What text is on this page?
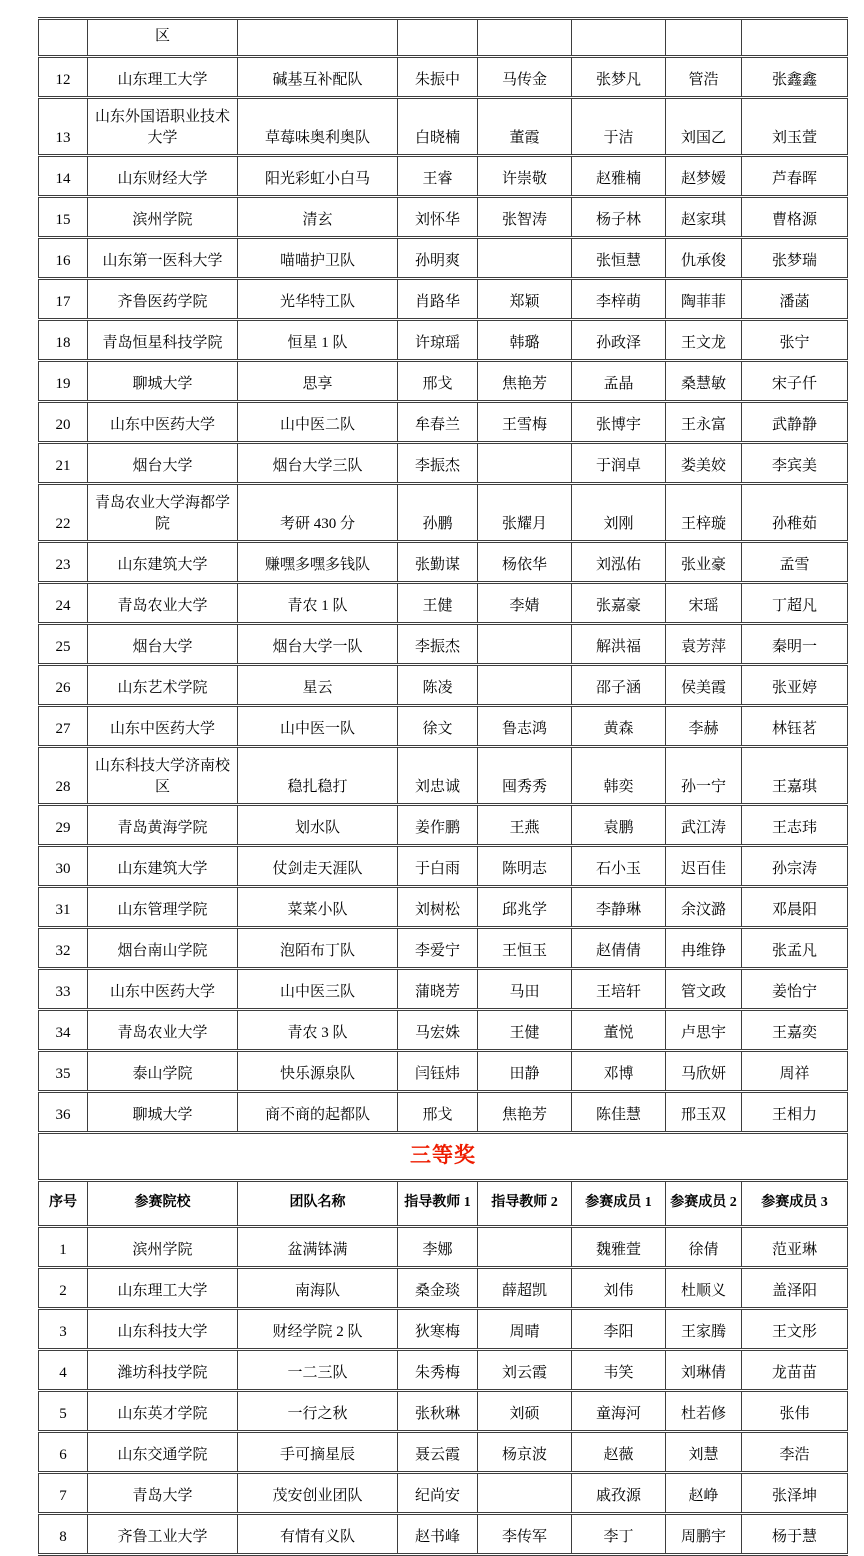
	区						
12	山东理工大学	碱基互补配队	朱振中	马传金	张梦凡	管浩	张鑫鑫
13	山东外国语职业技术大学	草莓味奥利奥队	白晓楠	董霞	于洁	刘国乙	刘玉萱
14	山东财经大学	阳光彩虹小白马	王睿	许崇敬	赵雅楠	赵梦嫒	芦春晖
15	滨州学院	清玄	刘怀华	张智涛	杨子林	赵家琪	曹格源
16	山东第一医科大学	喵喵护卫队	孙明爽		张恒慧	仇承俊	张梦瑞
17	齐鲁医药学院	光华特工队	肖路华	郑颖	李梓萌	陶菲菲	潘菡
18	青岛恒星科技学院	恒星 1 队	许琼瑶	韩璐	孙政泽	王文龙	张宁
19	聊城大学	思享	邢戈	焦艳芳	孟晶	桑慧敏	宋子仟
20	山东中医药大学	山中医二队	牟春兰	王雪梅	张博宇	王永富	武静静
21	烟台大学	烟台大学三队	李振杰		于润卓	娄美姣	李宾美
22	青岛农业大学海都学院	考研 430 分	孙鹏	张耀月	刘刚	王梓璇	孙稚茹
23	山东建筑大学	赚嘿多嘿多钱队	张勤谋	杨依华	刘泓佑	张业豪	孟雪
24	青岛农业大学	青农 1 队	王健	李婧	张嘉豪	宋瑶	丁超凡
25	烟台大学	烟台大学一队	李振杰		解洪福	袁芳萍	秦明一
26	山东艺术学院	星云	陈凌		邵子涵	侯美霞	张亚婷
27	山东中医药大学	山中医一队	徐文	鲁志鸿	黄森	李赫	林钰茗
28	山东科技大学济南校区	稳扎稳打	刘忠诚	囤秀秀	韩奕	孙一宁	王嘉琪
29	青岛黄海学院	划水队	姜作鹏	王燕	袁鹏	武江涛	王志玮
30	山东建筑大学	仗剑走天涯队	于白雨	陈明志	石小玉	迟百佳	孙宗涛
31	山东管理学院	菜菜小队	刘树松	邱兆学	李静琳	余汶潞	邓晨阳
32	烟台南山学院	泡陌布丁队	李爱宁	王恒玉	赵倩倩	冉维铮	张孟凡
33	山东中医药大学	山中医三队	蒲晓芳	马田	王培轩	管文政	姜怡宁
34	青岛农业大学	青农 3 队	马宏姝	王健	董悦	卢思宇	王嘉奕
35	泰山学院	快乐源泉队	闫钰炜	田静	邓博	马欣妍	周祥
36	聊城大学	商不商的起都队	邢戈	焦艳芳	陈佳慧	邢玉双	王相力
三等奖							
序号	参赛院校	团队名称	指导教师 1	指导教师 2	参赛成员 1	参赛成员 2	参赛成员 3
1	滨州学院	盆满钵满	李娜		魏雅萱	徐倩	范亚琳
2	山东理工大学	南海队	桑金琰	薛超凯	刘伟	杜顺义	盖泽阳
3	山东科技大学	财经学院 2 队	狄寒梅	周晴	李阳	王家腾	王文彤
4	潍坊科技学院	一二三队	朱秀梅	刘云霞	韦笑	刘琳倩	龙苗苗
5	山东英才学院	一行之秋	张秋琳	刘硕	童海河	杜若修	张伟
6	山东交通学院	手可摘星辰	聂云霞	杨京波	赵薇	刘慧	李浩
7	青岛大学	茂安创业团队	纪尚安		戚孜源	赵峥	张泽坤
8	齐鲁工业大学	有情有义队	赵书峰	李传军	李丁	周鹏宇	杨于慧
